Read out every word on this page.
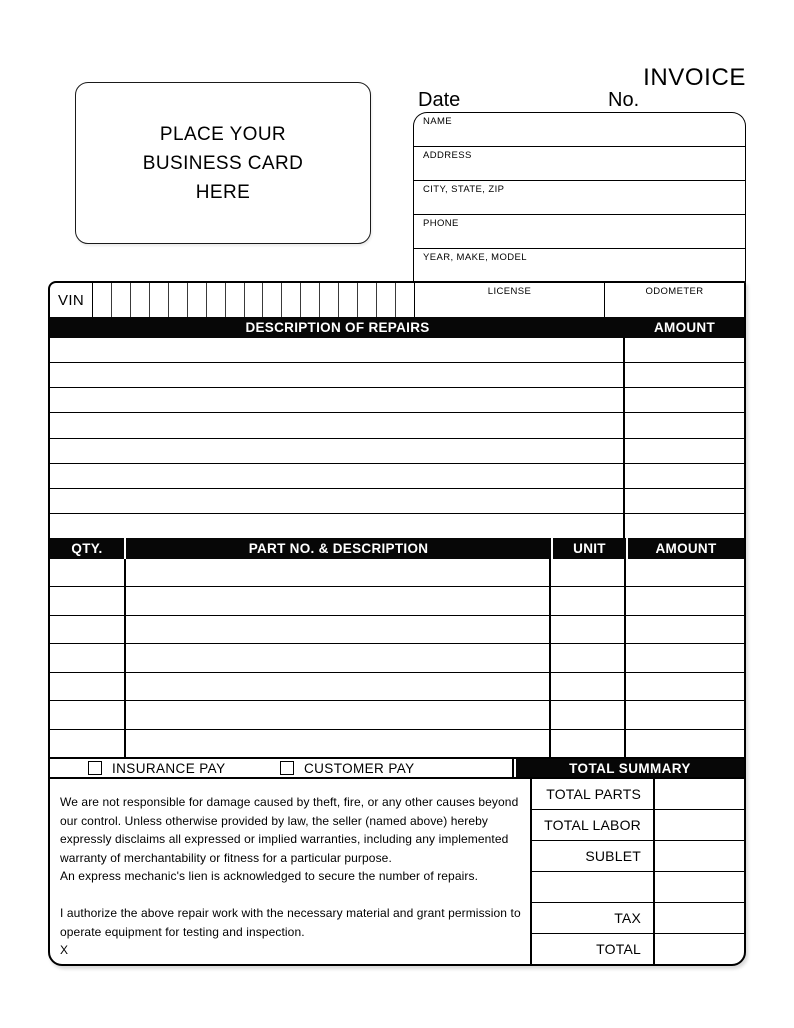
PLACE YOUR
BUSINESS CARD
HERE
INVOICE
Date	No.
NAME
ADDRESS
CITY, STATE, ZIP
PHONE
YEAR, MAKE, MODEL
VIN	LICENSE	ODOMETER
DESCRIPTION OF REPAIRS	AMOUNT
QTY.	PART NO. & DESCRIPTION	UNIT	AMOUNT
INSURANCE PAY	CUSTOMER PAY	TOTAL SUMMARY
We are not responsible for damage caused by theft, fire, or any other causes beyond
our control. Unless otherwise provided by law, the seller (named above) hereby
expressly disclaims all expressed or implied warranties, including any implemented
warranty of merchantability or fitness for a particular purpose.
An express mechanic's lien is acknowledged to secure the number of repairs.
I authorize the above repair work with the necessary material and grant permission to
operate equipment for testing and inspection.
X
TOTAL PARTS
TOTAL LABOR
SUBLET
TAX
TOTAL
